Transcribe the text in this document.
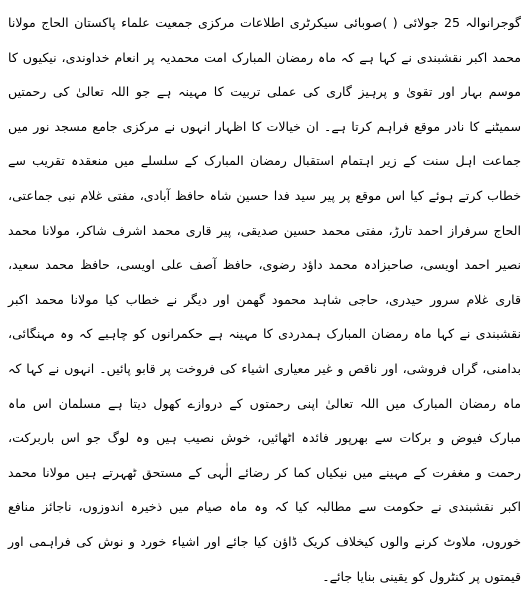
گوجرانوالہ 25 جولائی ( )صوبائی سیکرٹری اطلاعات مرکزی جمعیت علماء پاکستان الحاج مولانا محمد اکبر نقشبندی نے کہا ہے کہ ماہ رمضان المبارک امت محمدیہ پر انعام خداوندی، نیکیوں کا موسم بہار اور تقویٰ و پرہیز گاری کی عملی تربیت کا مہینہ ہے جو اللہ تعالیٰ کی رحمتیں سمیٹنے کا نادر موقع فراہم کرتا ہے۔ ان خیالات کا اظہار انہوں نے مرکزی جامع مسجد نور میں جماعت اہل سنت کے زیر اہتمام استقبال رمضان المبارک کے سلسلے میں منعقدہ تقریب سے خطاب کرتے ہوئے کیا اس موقع پر پیر سید فدا حسین شاہ حافظ آبادی، مفتی غلام نبی جماعتی، الحاج سرفراز احمد تارڑ، مفتی محمد حسین صدیقی، پیر قاری محمد اشرف شاکر، مولانا محمد نصیر احمد اویسی، صاحبزادہ محمد داؤد رضوی، حافظ آصف علی اویسی، حافظ محمد سعید، قاری غلام سرور حیدری، حاجی شاہد محمود گھمن اور دیگر نے خطاب کیا مولانا محمد اکبر نقشبندی نے کہا ماہ رمضان المبارک ہمدردی کا مہینہ ہے حکمرانوں کو چاہیے کہ وہ مہنگائی، بدامنی، گراں فروشی، اور ناقص و غیر معیاری اشیاء کی فروخت پر قابو پائیں۔ انہوں نے کہا کہ ماہ رمضان المبارک میں اللہ تعالیٰ اپنی رحمتوں کے دروازے کھول دیتا ہے مسلمان اس ماہ مبارک فیوض و برکات سے بھرپور فائدہ اٹھائیں، خوش نصیب ہیں وہ لوگ جو اس باربرکت، رحمت و مغفرت کے مہینے میں نیکیاں کما کر رضائے الٰہی کے مستحق ٹھہرتے ہیں مولانا محمد اکبر نقشبندی نے حکومت سے مطالبہ کیا کہ وہ ماہ صیام میں ذخیرہ اندوزوں، ناجائز منافع خوروں، ملاوٹ کرنے والوں کیخلاف کریک ڈاؤن کیا جائے اور اشیاء خورد و نوش کی فراہمی اور قیمتوں پر کنٹرول کو یقینی بنایا جائے۔
